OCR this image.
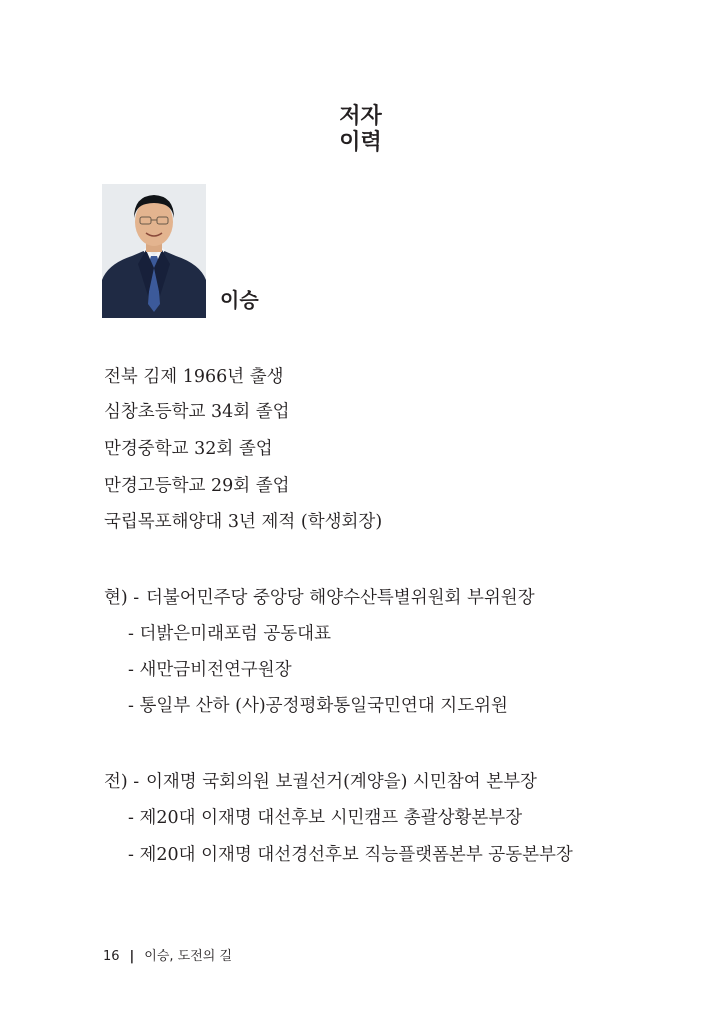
저자
이력
이승
전북 김제 1966년 출생
심창초등학교 34회 졸업
만경중학교 32회 졸업
만경고등학교 29회 졸업
국립목포해양대 3년 제적 (학생회장)
현) - 더불어민주당 중앙당 해양수산특별위원회 부위원장
- 더밝은미래포럼 공동대표
- 새만금비전연구원장
- 통일부 산하 (사)공정평화통일국민연대 지도위원
전) - 이재명 국회의원 보궐선거(계양을) 시민참여 본부장
- 제20대 이재명 대선후보 시민캠프 총괄상황본부장
- 제20대 이재명 대선경선후보 직능플랫폼본부 공동본부장
16 | 이승, 도전의 길
